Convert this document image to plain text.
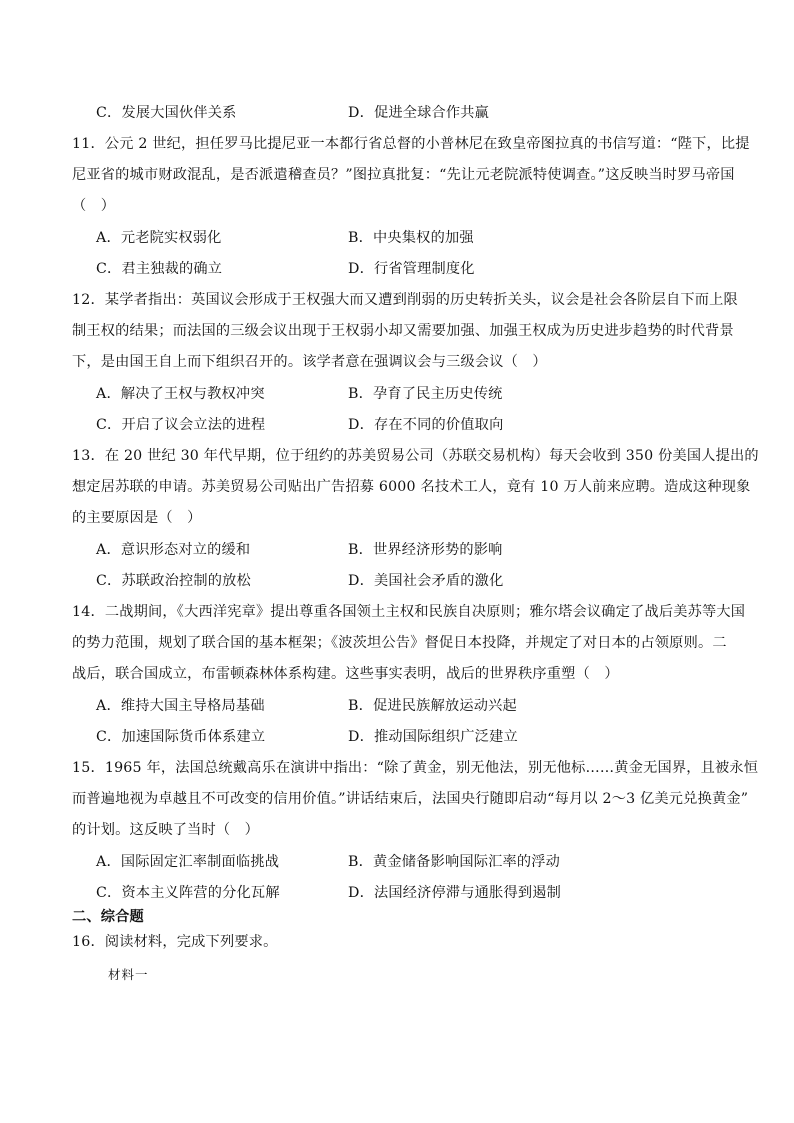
C．发展大国伙伴关系	D．促进全球合作共赢
11．公元 2 世纪，担任罗马比提尼亚一本都行省总督的小普林尼在致皇帝图拉真的书信写道：“陛下，比提
尼亚省的城市财政混乱，是否派遣稽查员？”图拉真批复：“先让元老院派特使调查。”这反映当时罗马帝国
（　）
A．元老院实权弱化	B．中央集权的加强
C．君主独裁的确立	D．行省管理制度化
12．某学者指出：英国议会形成于王权强大而又遭到削弱的历史转折关头，议会是社会各阶层自下而上限
制王权的结果；而法国的三级会议出现于王权弱小却又需要加强、加强王权成为历史进步趋势的时代背景
下，是由国王自上而下组织召开的。该学者意在强调议会与三级会议（　）
A．解决了王权与教权冲突	B．孕育了民主历史传统
C．开启了议会立法的进程	D．存在不同的价值取向
13．在 20 世纪 30 年代早期，位于纽约的苏美贸易公司（苏联交易机构）每天会收到 350 份美国人提出的
想定居苏联的申请。苏美贸易公司贴出广告招募 6000 名技术工人，竟有 10 万人前来应聘。造成这种现象
的主要原因是（　）
A．意识形态对立的缓和	B．世界经济形势的影响
C．苏联政治控制的放松	D．美国社会矛盾的激化
14．二战期间，《大西洋宪章》提出尊重各国领土主权和民族自决原则；雅尔塔会议确定了战后美苏等大国
的势力范围，规划了联合国的基本框架；《波茨坦公告》督促日本投降，并规定了对日本的占领原则。二
战后，联合国成立，布雷顿森林体系构建。这些事实表明，战后的世界秩序重塑（　）
A．维持大国主导格局基础	B．促进民族解放运动兴起
C．加速国际货币体系建立	D．推动国际组织广泛建立
15．1965 年，法国总统戴高乐在演讲中指出：“除了黄金，别无他法，别无他标……黄金无国界，且被永恒
而普遍地视为卓越且不可改变的信用价值。”讲话结束后，法国央行随即启动“每月以 2～3 亿美元兑换黄金”
的计划。这反映了当时（　）
A．国际固定汇率制面临挑战	B．黄金储备影响国际汇率的浮动
C．资本主义阵营的分化瓦解	D．法国经济停滞与通胀得到遏制
二、综合题
16．阅读材料，完成下列要求。
材料一
